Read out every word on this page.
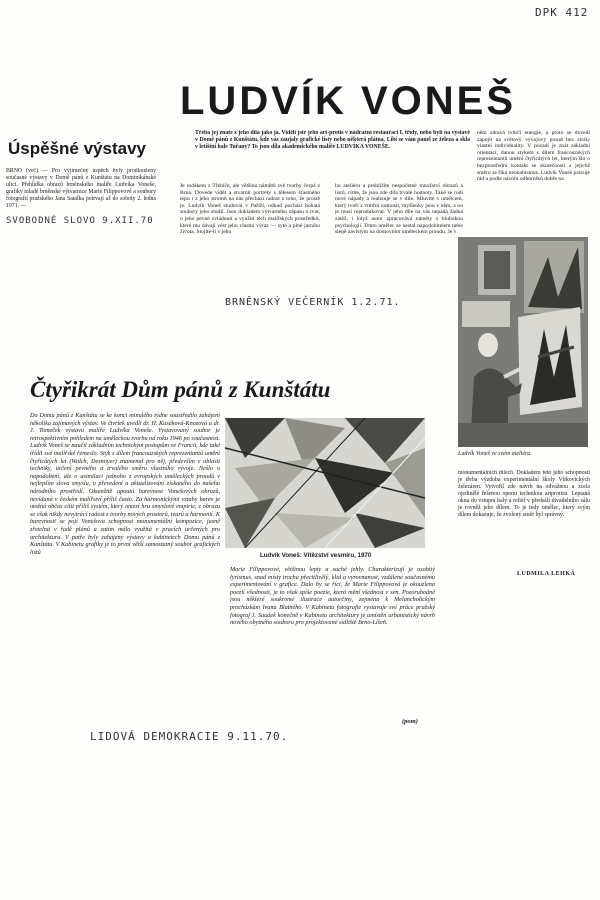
DPK 412
Úspěšné výstavy
BRNO (več) — Pro výjimečný úspěch byly prodlouženy současné výstavy v Domě pánů z Kunštátu na Dominikánské ulici. Přehlídka obrazů brněnského malíře Ludvíka Voneše, grafiky mladé brněnské výtvarnice Marie Filippovové a soubory fotografií pražského Jana Saudka potrvají až do soboty 2. ledna 1971. —
SVOBODNÉ SLOVO 9.XII.70
LUDVÍK VONEŠ
Třeba jej znáte z jeho díla jako já. Viděli jste jeho art-protis v nádražní restauraci I. třídy, nebo byli na výstavě v Domě pánů z Kunštátu, kde vás zaujaly grafické listy nebo některá plátna. Líbí se vám panel ze železa a skla v letištní hale Tuřany? To jsou díla akademického malíře LUDVÍKA VONEŠE.
Je rodákem z Třebíče, ale většinu námětů své tvorby čerpá z Brna. Dovede vidět a stvárnit portréty s tělesem šťastného tepu i z jeho stromů na nás přechází radost z toho, že prostě je. Ludvík Voneš studoval v Paříži, odkud pochází bohatá soubory jeho studií. Jsou dokladem výtvarného zápasu o tvar, o jeho pevné zvládnutí a využití těch malířských prostředků, které mu dávají vést jeho vlastní výraz — syté a plné jarního života. Stojíte-li v jeho
ho ateliéru a prohlížíte nespočetné množství obrazů a listů, cítíte, že jsou zde díla trvalé hodnoty. Také se rodí nové nápady a realizuje se v díle. Mluvíte s umělcem, který tvoří z vnitřní nutnosti, myšlenky jsou v něm, a on je musí reprodukovat. V jeho díle na vás nepadá žádná zátěž, i když autor zpracovává náměty s hlubokou psychologií. Tento umělec se nestal napodobitelem nebo slepě závislým na domovním uměleckém proudu. Je v
něm zdravá tvůrčí energie, a proto se dovedl zapojit na světový vývojový proud bez ztráty vlastní individuality. V pozadí je znát základní orientaci, danou stykem s dílem francouzských reprezentantů umění čtyřicátých let, kterým šlo o bezprostřední kontakt se skutečností a jejichž směru se říká neonabismus. Ludvík Voneš pracuje rád a podle názoru odborníků dobře na
BRNĚNSKÝ VEČERNÍK 1.2.71.
Ludvík Voneš ve svém ateliéru.
monumentálních dílech. Dokladem této jeho schopnosti je třeba výzdoba experimentální školy Vítkovických železáren. Vytvořil zde návrh na odvážnou a zcela ojedinělé řešenou oponu technikou artprotisu. Leptaná okna do vstupní haly a reliéf v předsálí divadelního sálu je rovněž jeho dílem. To je tedy umělec, který svým dílem dokazuje, že zvolený směr byl správný.
LUDMILA LEHKÁ
Čtyřikrát Dům pánů z Kunštátu
Do Domu pánů z Kunštátu se ke konci minulého týdne soustředilo zahájení několika zajímavých výstav. Ve čtvrtek uvedli dr. H. Kusáková-Knozová a dr. J. Tomeček výstavu malíře Ludvíka Voneše. Vystavovaný soubor je retrospektivním pohledem na uměleckou tvorbu od roku 1946 po současnost. Ludvík Voneš se naučil základním technickým postupům ve Francii, kde také třídil své malířské řemeslo. Styk s dílem francouzských reprezentantů umění čtyřicátých let (Walch, Desnoyer) znamenal pro něj, především v oblasti techniky, určení pevného a trvalého směru vlastního vývoje. Nešlo o napodobení, ale o asimilaci jednoho z evropských uměleckých proudů v nejlepším slova smyslu, o převedení a aktualizování získaného do našeho národního prostředí. Okamžitě upoutá barevnost Vonešových obrazů, nevídaná v českém malířství příliš často. Za harmonickými vztahy barev je možná občas cítit příliš systém, který omezí hru smyslové empirie, z obrazu se však nikdy nevytrácí radost z tvorby nových prostorů, tvarů a harmonií. K barevnosti se pojí Vonešova schopnost monumentální kompozice, jasně zřetelná v řadě plánů a zatím málo využitá v pracích určených pro architekturu. V patře byly zahájeny výstavy a kabinetech Domu pánů z Kunštátu. V Kabinetu grafiky je to první větší samostatný soubor grafických listů	Ludvík Voneš: Vítězství vesmíru, 1970
Marie Filippovové, většinou lepty a suché jehly. Charakterizují je osobitý lyrismus, snad místy trochu přecitlivělý, klid a vyrovnanost, vzdálené současnému experimentování v grafice. Dalo by se říci, že Marie Filippovová je okouzlena poezií všednosti, je to však spíše poezie, která mění všednost v sen. Pozoruhodné jsou některé soukromé ilustrace autorčiny, zejména k Melancholickým procházkám Ivana Blatného. V Kabinetu fotografie vystavuje své práce pražský fotograf J. Saudek konečně v Kabinetu architektury je umístěn urbanistický návrh nového obytného souboru pro projektované sídliště Brno-Líšeň.
(pom)
LIDOVÁ DEMOKRACIE 9.11.70.
